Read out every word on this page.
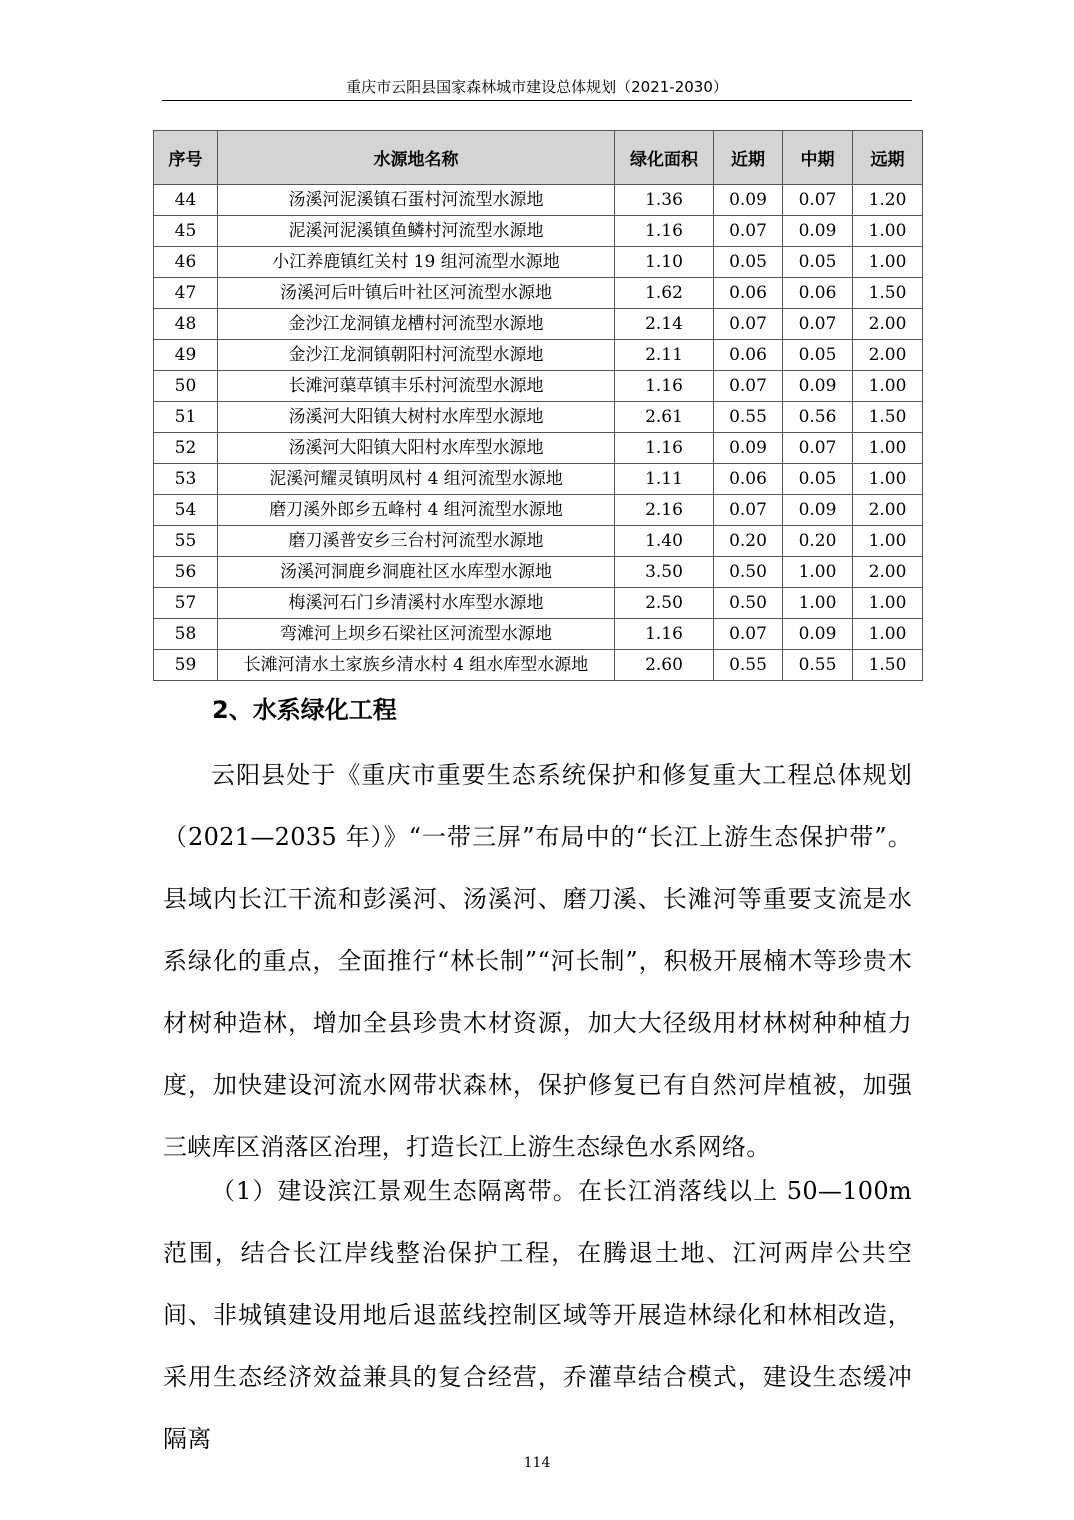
重庆市云阳县国家森林城市建设总体规划（2021-2030）
序号	水源地名称	绿化面积	近期	中期	远期
44	汤溪河泥溪镇石蛋村河流型水源地	1.36	0.09	0.07	1.20
45	泥溪河泥溪镇鱼鳞村河流型水源地	1.16	0.07	0.09	1.00
46	小江养鹿镇红关村 19 组河流型水源地	1.10	0.05	0.05	1.00
47	汤溪河后叶镇后叶社区河流型水源地	1.62	0.06	0.06	1.50
48	金沙江龙洞镇龙槽村河流型水源地	2.14	0.07	0.07	2.00
49	金沙江龙洞镇朝阳村河流型水源地	2.11	0.06	0.05	2.00
50	长滩河蕖草镇丰乐村河流型水源地	1.16	0.07	0.09	1.00
51	汤溪河大阳镇大树村水库型水源地	2.61	0.55	0.56	1.50
52	汤溪河大阳镇大阳村水库型水源地	1.16	0.09	0.07	1.00
53	泥溪河耀灵镇明凤村 4 组河流型水源地	1.11	0.06	0.05	1.00
54	磨刀溪外郎乡五峰村 4 组河流型水源地	2.16	0.07	0.09	2.00
55	磨刀溪普安乡三台村河流型水源地	1.40	0.20	0.20	1.00
56	汤溪河洞鹿乡洞鹿社区水库型水源地	3.50	0.50	1.00	2.00
57	梅溪河石门乡清溪村水库型水源地	2.50	0.50	1.00	1.00
58	弯滩河上坝乡石梁社区河流型水源地	1.16	0.07	0.09	1.00
59	长滩河清水土家族乡清水村 4 组水库型水源地	2.60	0.55	0.55	1.50
2、水系绿化工程
云阳县处于《重庆市重要生态系统保护和修复重大工程总体规划（2021—2035 年）》“一带三屏”布局中的“长江上游生态保护带”。县域内长江干流和彭溪河、汤溪河、磨刀溪、长滩河等重要支流是水系绿化的重点，全面推行“林长制”“河长制”，积极开展楠木等珍贵木材树种造林，增加全县珍贵木材资源，加大大径级用材林树种种植力度，加快建设河流水网带状森林，保护修复已有自然河岸植被，加强三峡库区消落区治理，打造长江上游生态绿色水系网络。
（1）建设滨江景观生态隔离带。在长江消落线以上 50—100m 范围，结合长江岸线整治保护工程，在腾退土地、江河两岸公共空间、非城镇建设用地后退蓝线控制区域等开展造林绿化和林相改造，采用生态经济效益兼具的复合经营，乔灌草结合模式，建设生态缓冲隔离
114
